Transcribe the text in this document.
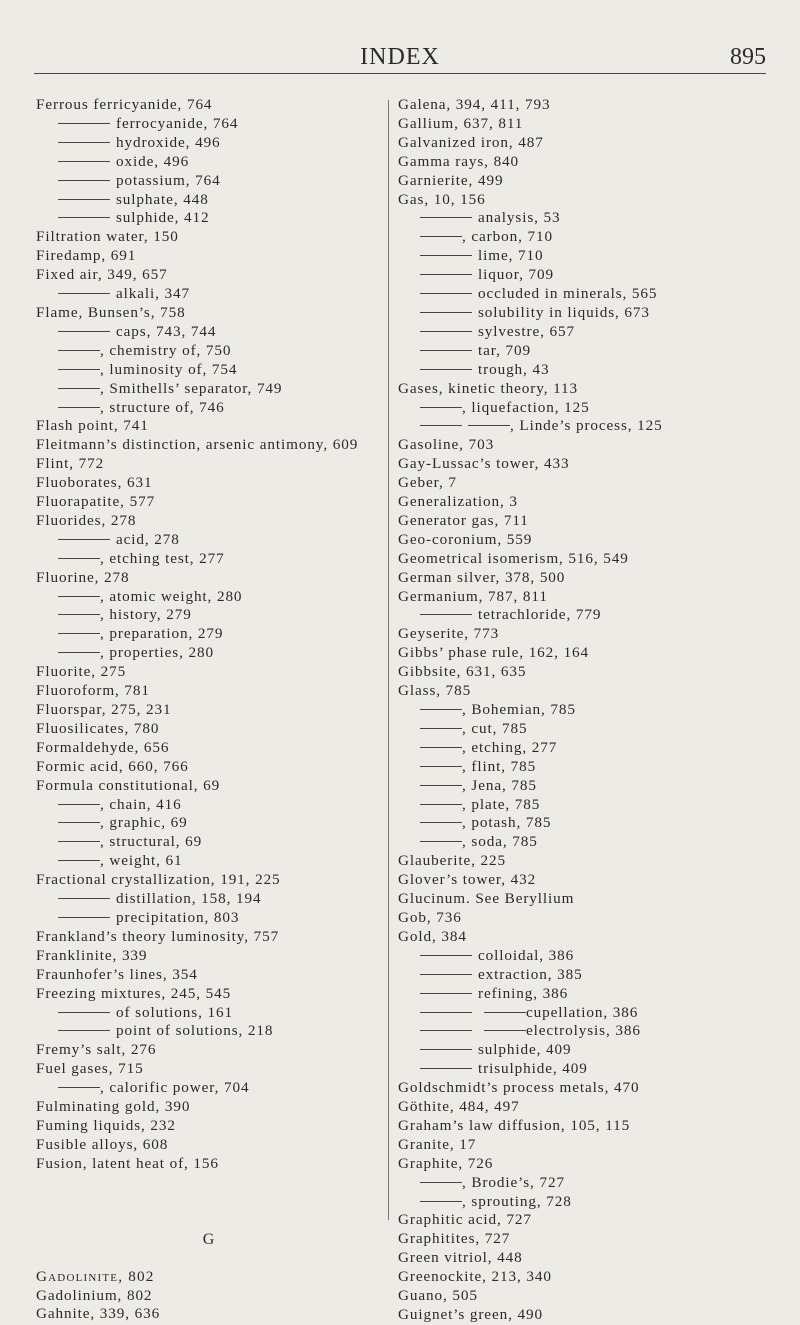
INDEX	895
Ferrous ferricyanide, 764
ferrocyanide, 764
hydroxide, 496
oxide, 496
potassium, 764
sulphate, 448
sulphide, 412
Filtration water, 150
Firedamp, 691
Fixed air, 349, 657
alkali, 347
Flame, Bunsen’s, 758
caps, 743, 744
, chemistry of, 750
, luminosity of, 754
, Smithells’ separator, 749
, structure of, 746
Flash point, 741
Fleitmann’s distinction, arsenic antimony, 609
Flint, 772
Fluoborates, 631
Fluorapatite, 577
Fluorides, 278
acid, 278
, etching test, 277
Fluorine, 278
, atomic weight, 280
, history, 279
, preparation, 279
, properties, 280
Fluorite, 275
Fluoroform, 781
Fluorspar, 275, 231
Fluosilicates, 780
Formaldehyde, 656
Formic acid, 660, 766
Formula constitutional, 69
, chain, 416
, graphic, 69
, structural, 69
, weight, 61
Fractional crystallization, 191, 225
distillation, 158, 194
precipitation, 803
Frankland’s theory luminosity, 757
Franklinite, 339
Fraunhofer’s lines, 354
Freezing mixtures, 245, 545
of solutions, 161
point of solutions, 218
Fremy’s salt, 276
Fuel gases, 715
, calorific power, 704
Fulminating gold, 390
Fuming liquids, 232
Fusible alloys, 608
Fusion, latent heat of, 156
G
Gadolinite, 802
Gadolinium, 802
Gahnite, 339, 636
Galena, 394, 411, 793
Gallium, 637, 811
Galvanized iron, 487
Gamma rays, 840
Garnierite, 499
Gas, 10, 156
analysis, 53
, carbon, 710
lime, 710
liquor, 709
occluded in minerals, 565
solubility in liquids, 673
sylvestre, 657
tar, 709
trough, 43
Gases, kinetic theory, 113
, liquefaction, 125
, Linde’s process, 125
Gasoline, 703
Gay-Lussac’s tower, 433
Geber, 7
Generalization, 3
Generator gas, 711
Geo-coronium, 559
Geometrical isomerism, 516, 549
German silver, 378, 500
Germanium, 787, 811
tetrachloride, 779
Geyserite, 773
Gibbs’ phase rule, 162, 164
Gibbsite, 631, 635
Glass, 785
, Bohemian, 785
, cut, 785
, etching, 277
, flint, 785
, Jena, 785
, plate, 785
, potash, 785
, soda, 785
Glauberite, 225
Glover’s tower, 432
Glucinum. See Beryllium
Gob, 736
Gold, 384
colloidal, 386
extraction, 385
refining, 386
cupellation, 386
electrolysis, 386
sulphide, 409
trisulphide, 409
Goldschmidt’s process metals, 470
Göthite, 484, 497
Graham’s law diffusion, 105, 115
Granite, 17
Graphite, 726
, Brodie’s, 727
, sprouting, 728
Graphitic acid, 727
Graphitites, 727
Green vitriol, 448
Greenockite, 213, 340
Guano, 505
Guignet’s green, 490
